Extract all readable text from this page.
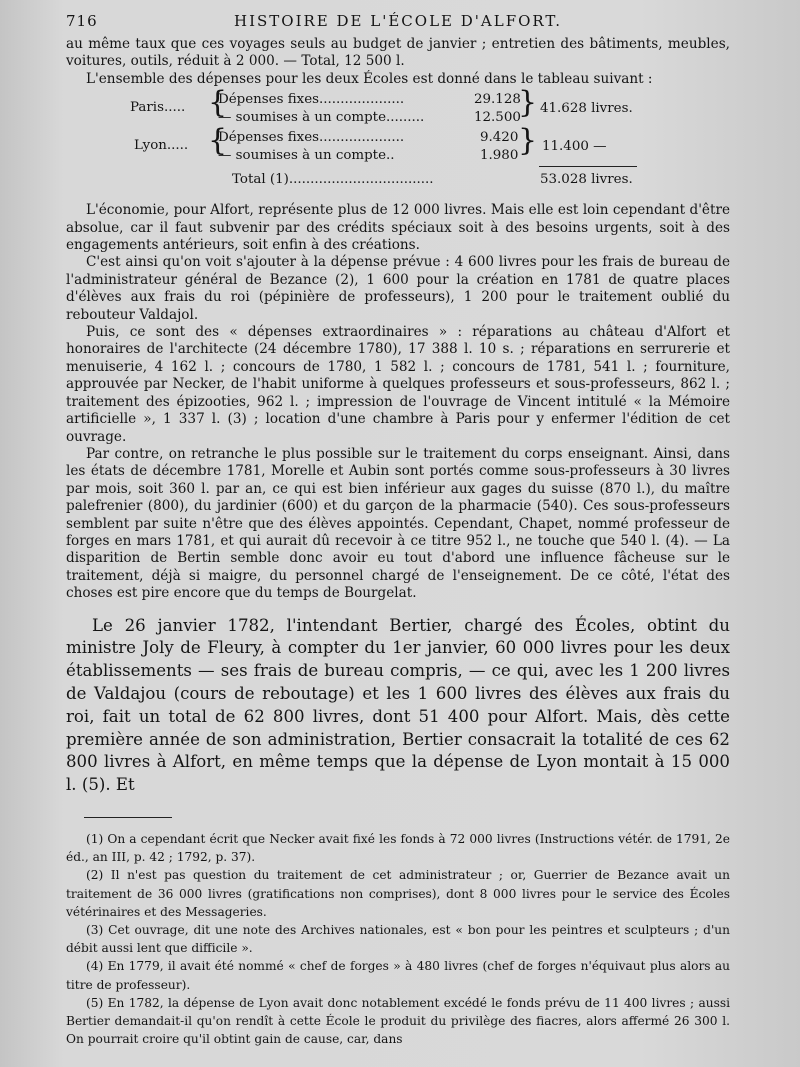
716	HISTOIRE DE L'ÉCOLE D'ALFORT.

au même taux que ces voyages seuls au budget de janvier ; entretien des bâtiments, meubles, voitures, outils, réduit à 2 000. — Total, 12 500 l.

L'ensemble des dépenses pour les deux Écoles est donné dans le tableau suivant :

Paris..... {
Dépenses fixes....................	29.128
— soumises à un compte.........	12.500
} 41.628 livres.
Lyon..... {
Dépenses fixes....................	9.420
— soumises à un compte..	1.980 } 11.400 —
Total (1)..................................	53.028 livres.

L'économie, pour Alfort, représente plus de 12 000 livres. Mais elle est loin cependant d'être absolue, car il faut subvenir par des crédits spéciaux soit à des besoins urgents, soit à des engagements antérieurs, soit enfin à des créations.

C'est ainsi qu'on voit s'ajouter à la dépense prévue : 4 600 livres pour les frais de bureau de l'administrateur général de Bezance (2), 1 600 pour la création en 1781 de quatre places d'élèves aux frais du roi (pépinière de professeurs), 1 200 pour le traitement oublié du rebouteur Valdajol.

Puis, ce sont des « dépenses extraordinaires » : réparations au château d'Alfort et honoraires de l'architecte (24 décembre 1780), 17 388 l. 10 s. ; réparations en serrurerie et menuiserie, 4 162 l. ; concours de 1780, 1 582 l. ; concours de 1781, 541 l. ; fourniture, approuvée par Necker, de l'habit uniforme à quelques professeurs et sous-professeurs, 862 l. ; traitement des épizooties, 962 l. ; impression de l'ouvrage de Vincent intitulé « la Mémoire artificielle », 1 337 l. (3) ; location d'une chambre à Paris pour y enfermer l'édition de cet ouvrage.

Par contre, on retranche le plus possible sur le traitement du corps enseignant. Ainsi, dans les états de décembre 1781, Morelle et Aubin sont portés comme sous-professeurs à 30 livres par mois, soit 360 l. par an, ce qui est bien inférieur aux gages du suisse (870 l.), du maître palefrenier (800), du jardinier (600) et du garçon de la pharmacie (540). Ces sous-professeurs semblent par suite n'être que des élèves appointés. Cependant, Chapet, nommé professeur de forges en mars 1781, et qui aurait dû recevoir à ce titre 952 l., ne touche que 540 l. (4). — La disparition de Bertin semble donc avoir eu tout d'abord une influence fâcheuse sur le traitement, déjà si maigre, du personnel chargé de l'enseignement. De ce côté, l'état des choses est pire encore que du temps de Bourgelat.

Le 26 janvier 1782, l'intendant Bertier, chargé des Écoles, obtint du ministre Joly de Fleury, à compter du 1er janvier, 60 000 livres pour les deux établissements — ses frais de bureau compris, — ce qui, avec les 1 200 livres de Valdajou (cours de reboutage) et les 1 600 livres des élèves aux frais du roi, fait un total de 62 800 livres, dont 51 400 pour Alfort. Mais, dès cette première année de son administration, Bertier consacrait la totalité de ces 62 800 livres à Alfort, en même temps que la dépense de Lyon montait à 15 000 l. (5). Et

(1) On a cependant écrit que Necker avait fixé les fonds à 72 000 livres (Instructions vétér. de 1791, 2e éd., an III, p. 42 ; 1792, p. 37).

(2) Il n'est pas question du traitement de cet administrateur ; or, Guerrier de Bezance avait un traitement de 36 000 livres (gratifications non comprises), dont 8 000 livres pour le service des Écoles vétérinaires et des Messageries.

(3) Cet ouvrage, dit une note des Archives nationales, est « bon pour les peintres et sculpteurs ; d'un débit aussi lent que difficile ».

(4) En 1779, il avait été nommé « chef de forges » à 480 livres (chef de forges n'équivaut plus alors au titre de professeur).

(5) En 1782, la dépense de Lyon avait donc notablement excédé le fonds prévu de 11 400 livres ; aussi Bertier demandait-il qu'on rendît à cette École le produit du privilège des fiacres, alors affermé 26 300 l. On pourrait croire qu'il obtint gain de cause, car, dans
